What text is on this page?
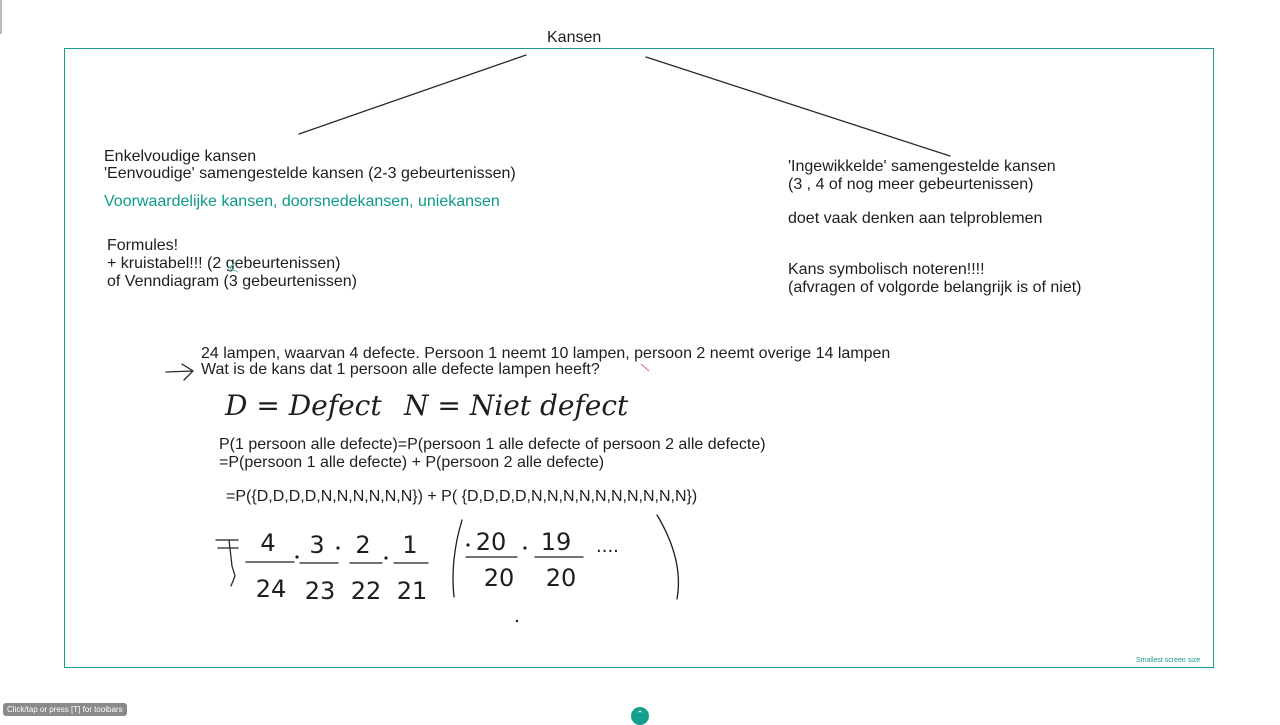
Kansen
Enkelvoudige kansen
'Eenvoudige' samengestelde kansen (2-3 gebeurtenissen)
Voorwaardelijke kansen, doorsnedekansen, uniekansen
Formules!
+ kruistabel!!! (2 gebeurtenissen)
of Venndiagram (3 gebeurtenissen)
'Ingewikkelde' samengestelde kansen
(3 , 4 of nog meer gebeurtenissen)
doet vaak denken aan telproblemen
Kans symbolisch noteren!!!!
(afvragen of volgorde belangrijk is of niet)
24 lampen, waarvan 4 defecte. Persoon 1 neemt 10 lampen, persoon 2 neemt overige 14 lampen
Wat is de kans dat 1 persoon alle defecte lampen heeft?
P(1 persoon alle defecte)=P(persoon 1 alle defecte of persoon 2 alle defecte)
=P(persoon 1 alle defecte) + P(persoon 2 alle defecte)
=P({D,D,D,D,N,N,N,N,N,N}) + P( {D,D,D,D,N,N,N,N,N,N,N,N,N,N})
D = Defect N = Niet defect
4 3 2 1 20 19
24 23 22 21 20 20
....
Smallest screen size
Click/tap or press [T] for toolbars	⌃
